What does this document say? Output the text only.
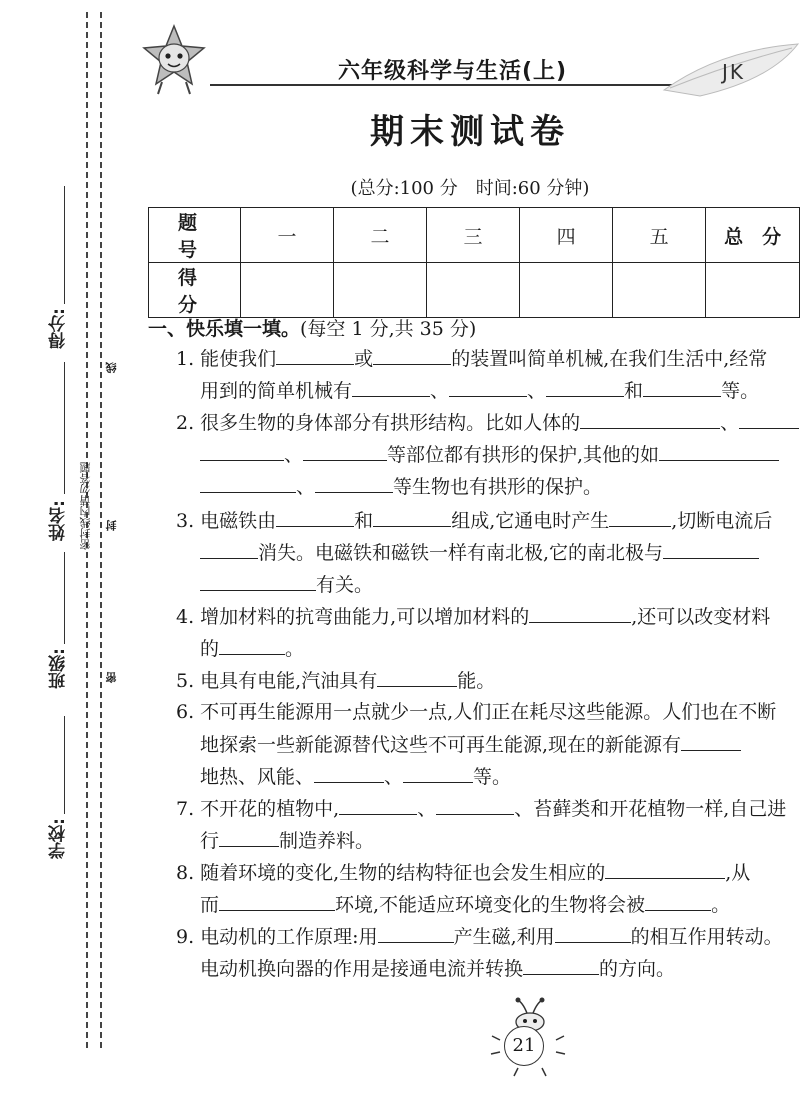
得分:
姓名:
班级:
学校:
线
封
密
密封线内请勿答题
六年级科学与生活(上)	JK
期末测试卷
(总分:100 分　时间:60 分钟)
题　号	一	二	三	四	五	总　分
得　分						
一、快乐填一填。(每空 1 分,共 35 分)
1. 能使我们	或	的装置叫简单机械,在我们生活中,经常
用到的简单机械有	、	、	和	等。
2. 很多生物的身体部分有拱形结构。比如人体的	、
、	等部位都有拱形的保护,其他的如
、	等生物也有拱形的保护。
3. 电磁铁由	和	组成,它通电时产生	,切断电流后
消失。电磁铁和磁铁一样有南北极,它的南北极与
有关。
4. 增加材料的抗弯曲能力,可以增加材料的	,还可以改变材料
的	。
5. 电具有电能,汽油具有	能。
6. 不可再生能源用一点就少一点,人们正在耗尽这些能源。人们也在不断
地探索一些新能源替代这些不可再生能源,现在的新能源有
地热、风能、	、	等。
7. 不开花的植物中,	、	、苔藓类和开花植物一样,自己进
行	制造养料。
8. 随着环境的变化,生物的结构特征也会发生相应的	,从
而	环境,不能适应环境变化的生物将会被	。
9. 电动机的工作原理:用	产生磁,利用	的相互作用转动。
电动机换向器的作用是接通电流并转换	的方向。
21
